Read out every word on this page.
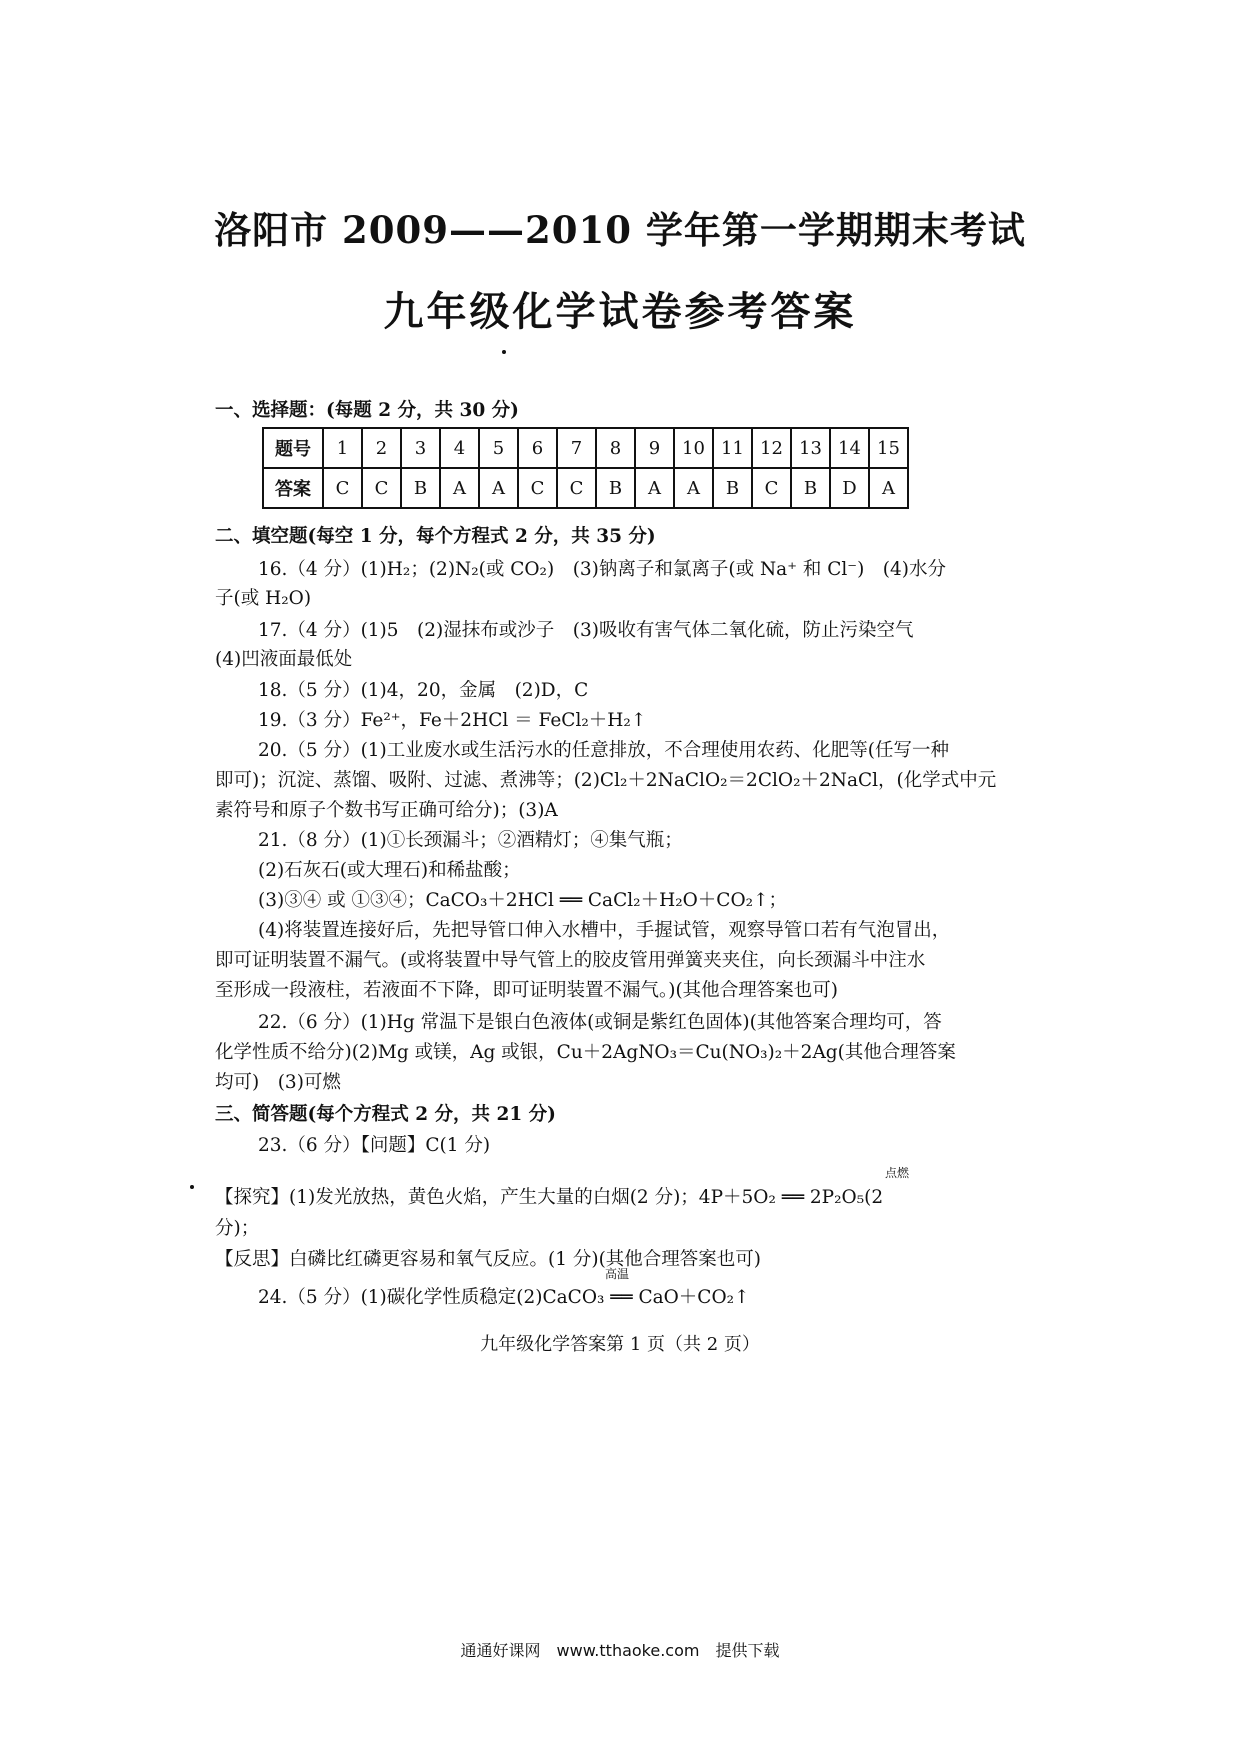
洛阳市 2009——2010 学年第一学期期末考试
九年级化学试卷参考答案
一、选择题：(每题 2 分，共 30 分)
题号	1	2	3	4	5	6	7	8	9	10	11	12	13	14	15
答案	C	C	B	A	A	C	C	B	A	A	B	C	B	D	A
二、填空题(每空 1 分，每个方程式 2 分，共 35 分)
16.（4 分）(1)H₂；(2)N₂(或 CO₂)　(3)钠离子和氯离子(或 Na⁺ 和 Cl⁻)　(4)水分
子(或 H₂O)
17.（4 分）(1)5　(2)湿抹布或沙子　(3)吸收有害气体二氧化硫，防止污染空气
(4)凹液面最低处
18.（5 分）(1)4，20，金属　(2)D，C
19.（3 分）Fe²⁺，Fe＋2HCl ＝ FeCl₂＋H₂↑
20.（5 分）(1)工业废水或生活污水的任意排放，不合理使用农药、化肥等(任写一种
即可)；沉淀、蒸馏、吸附、过滤、煮沸等；(2)Cl₂＋2NaClO₂＝2ClO₂＋2NaCl，(化学式中元
素符号和原子个数书写正确可给分)；(3)A
21.（8 分）(1)①长颈漏斗；②酒精灯；④集气瓶；
(2)石灰石(或大理石)和稀盐酸；
(3)③④ 或 ①③④；CaCO₃＋2HCl ══ CaCl₂＋H₂O＋CO₂↑；
(4)将装置连接好后，先把导管口伸入水槽中，手握试管，观察导管口若有气泡冒出，
即可证明装置不漏气。(或将装置中导气管上的胶皮管用弹簧夹夹住，向长颈漏斗中注水
至形成一段液柱，若液面不下降，即可证明装置不漏气。)(其他合理答案也可)
22.（6 分）(1)Hg 常温下是银白色液体(或铜是紫红色固体)(其他答案合理均可，答
化学性质不给分)(2)Mg 或镁，Ag 或银，Cu＋2AgNO₃＝Cu(NO₃)₂＋2Ag(其他合理答案
均可)　(3)可燃
三、简答题(每个方程式 2 分，共 21 分)
23.（6 分）【问题】C(1 分)
【探究】(1)发光放热，黄色火焰，产生大量的白烟(2 分)；4P＋5O₂ ══ 2P₂O₅(2
点燃
分)；
【反思】白磷比红磷更容易和氧气反应。(1 分)(其他合理答案也可)
24.（5 分）(1)碳化学性质稳定(2)CaCO₃ ══ CaO＋CO₂↑
高温
九年级化学答案第 1 页（共 2 页）
通通好课网　www.tthaoke.com　提供下载
